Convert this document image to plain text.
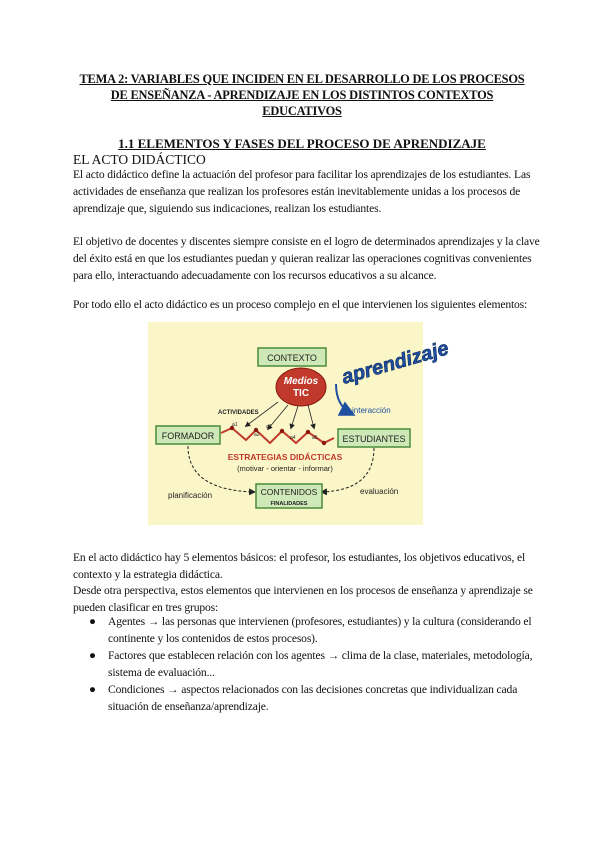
TEMA 2: VARIABLES QUE INCIDEN EN EL DESARROLLO DE LOS PROCESOS
DE ENSEÑANZA - APRENDIZAJE EN LOS DISTINTOS CONTEXTOS
EDUCATIVOS
1.1 ELEMENTOS Y FASES DEL PROCESO DE APRENDIZAJE
EL ACTO DIDÁCTICO
El acto didáctico define la actuación del profesor para facilitar los aprendizajes de los estudiantes. Las actividades de enseñanza que realizan los profesores están inevitablemente unidas a los procesos de aprendizaje que, siguiendo sus indicaciones, realizan los estudiantes.
El objetivo de docentes y discentes siempre consiste en el logro de determinados aprendizajes y la clave del éxito está en que los estudiantes puedan y quieran realizar las operaciones cognitivas convenientes para ello, interactuando adecuadamente con los recursos educativos a su alcance.
Por todo ello el acto didáctico es un proceso complejo en el que intervienen los siguientes elementos:
CONTEXTO
Medios
TIC
aprendizaje
interacción
ACTIVIDADES
FORMADOR	ESTUDIANTES
a1
a2
a3
a4	a5
ESTRATEGIAS DIDÁCTICAS
(motivar - orientar - informar)
planificación	evaluación
CONTENIDOS
FINALIDADES
En el acto didáctico hay 5 elementos básicos: el profesor, los estudiantes, los objetivos educativos, el contexto y la estrategia didáctica.
Desde otra perspectiva, estos elementos que intervienen en los procesos de enseñanza y aprendizaje se pueden clasificar en tres grupos:
● Agentes → las personas que intervienen (profesores, estudiantes) y la cultura (considerando el continente y los contenidos de estos procesos).
● Factores que establecen relación con los agentes → clima de la clase, materiales, metodología, sistema de evaluación...
● Condiciones → aspectos relacionados con las decisiones concretas que individualizan cada situación de enseñanza/aprendizaje.
